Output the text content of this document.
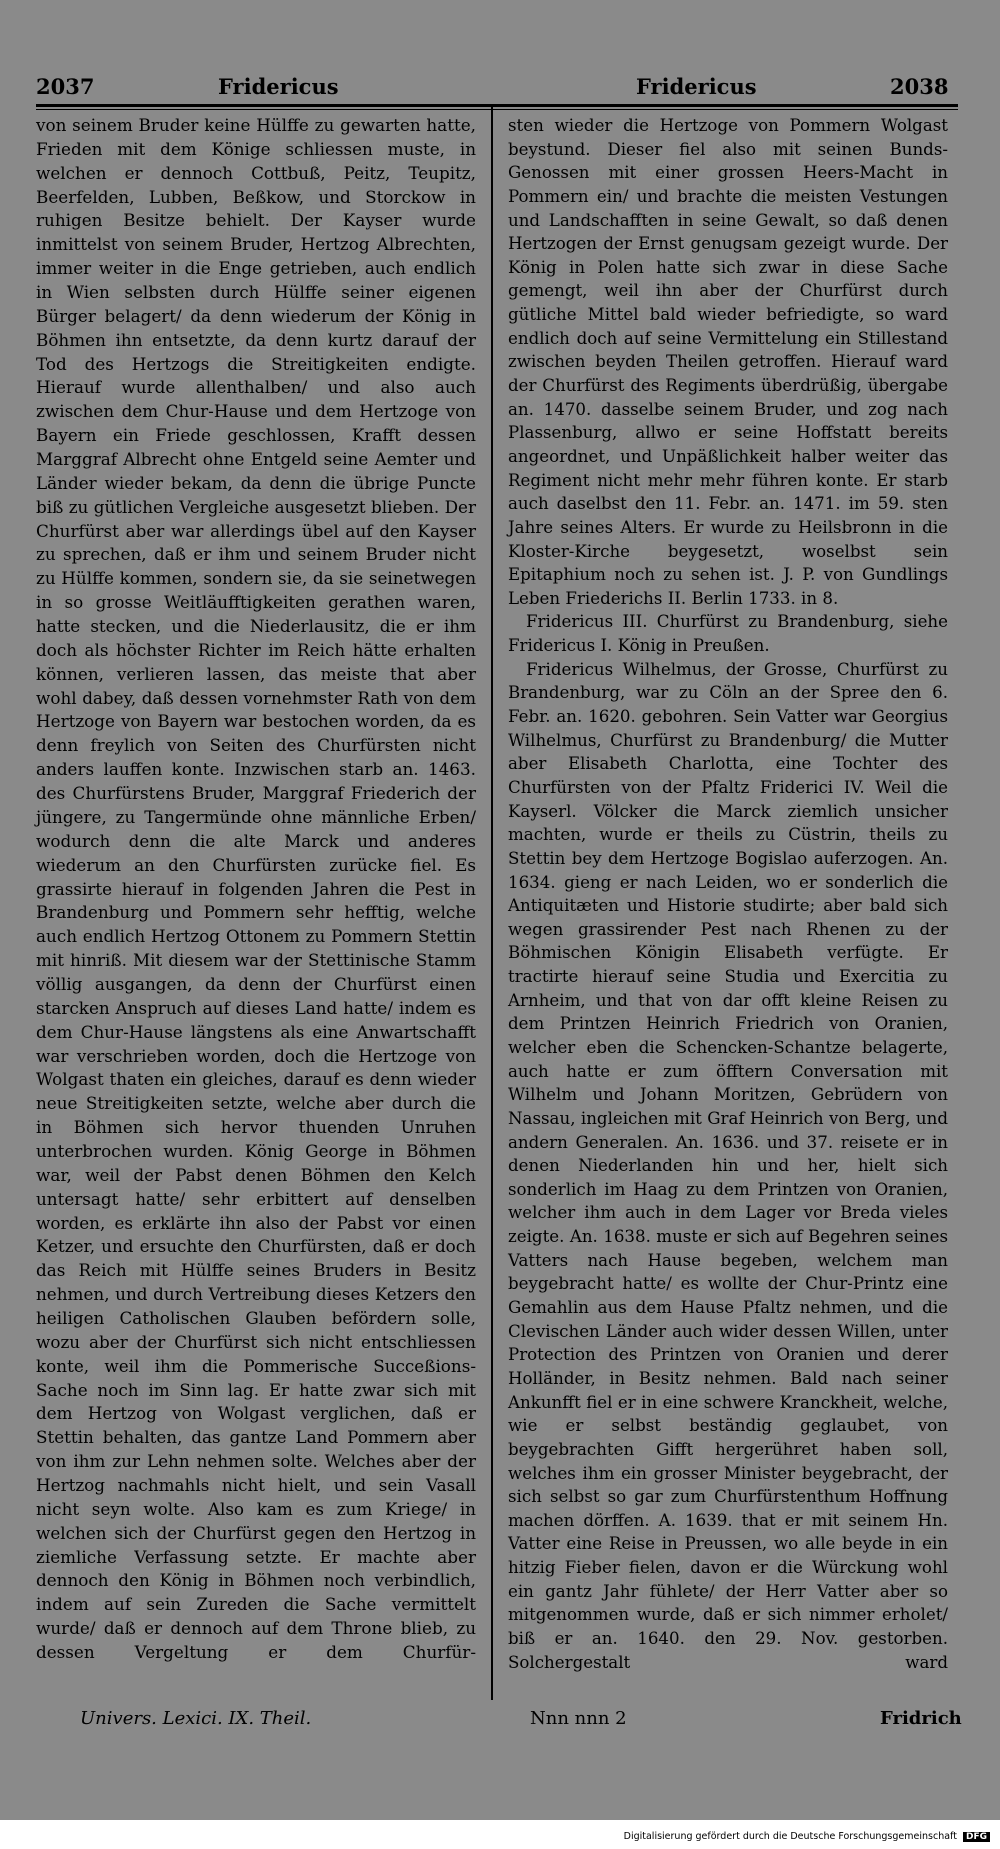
2037	Fridericus	Fridericus	2038

von seinem Bruder keine Hülffe zu gewarten hatte, Frieden mit dem Könige schliessen muste, in welchen er dennoch Cottbuß, Peitz, Teupitz, Beerfelden, Lubben, Beßkow, und Storckow in ruhigen Besitze behielt. Der Kayser wurde inmittelst von seinem Bruder, Hertzog Albrechten, immer weiter in die Enge getrieben, auch endlich in Wien selbsten durch Hülffe seiner eigenen Bürger belagert/ da denn wiederum der König in Böhmen ihn entsetzte, da denn kurtz darauf der Tod des Hertzogs die Streitigkeiten endigte. Hierauf wurde allenthalben/ und also auch zwischen dem Chur-Hause und dem Hertzoge von Bayern ein Friede geschlossen, Krafft dessen Marggraf Albrecht ohne Entgeld seine Aemter und Länder wieder bekam, da denn die übrige Puncte biß zu gütlichen Vergleiche ausgesetzt blieben. Der Churfürst aber war allerdings übel auf den Kayser zu sprechen, daß er ihm und seinem Bruder nicht zu Hülffe kommen, sondern sie, da sie seinetwegen in so grosse Weitläufftigkeiten gerathen waren, hatte stecken, und die Niederlausitz, die er ihm doch als höchster Richter im Reich hätte erhalten können, verlieren lassen, das meiste that aber wohl dabey, daß dessen vornehmster Rath von dem Hertzoge von Bayern war bestochen worden, da es denn freylich von Seiten des Churfürsten nicht anders lauffen konte. Inzwischen starb an. 1463. des Churfürstens Bruder, Marggraf Friederich der jüngere, zu Tangermünde ohne männliche Erben/ wodurch denn die alte Marck und anderes wiederum an den Churfürsten zurücke fiel. Es grassirte hierauf in folgenden Jahren die Pest in Brandenburg und Pommern sehr hefftig, welche auch endlich Hertzog Ottonem zu Pommern Stettin mit hinriß. Mit diesem war der Stettinische Stamm völlig ausgangen, da denn der Churfürst einen starcken Anspruch auf dieses Land hatte/ indem es dem Chur-Hause längstens als eine Anwartschafft war verschrieben worden, doch die Hertzoge von Wolgast thaten ein gleiches, darauf es denn wieder neue Streitigkeiten setzte, welche aber durch die in Böhmen sich hervor thuenden Unruhen unterbrochen wurden. König George in Böhmen war, weil der Pabst denen Böhmen den Kelch untersagt hatte/ sehr erbittert auf denselben worden, es erklärte ihn also der Pabst vor einen Ketzer, und ersuchte den Churfürsten, daß er doch das Reich mit Hülffe seines Bruders in Besitz nehmen, und durch Vertreibung dieses Ketzers den heiligen Catholischen Glauben befördern solle, wozu aber der Churfürst sich nicht entschliessen konte, weil ihm die Pommerische Succeßions-Sache noch im Sinn lag. Er hatte zwar sich mit dem Hertzog von Wolgast verglichen, daß er Stettin behalten, das gantze Land Pommern aber von ihm zur Lehn nehmen solte. Welches aber der Hertzog nachmahls nicht hielt, und sein Vasall nicht seyn wolte. Also kam es zum Kriege/ in welchen sich der Churfürst gegen den Hertzog in ziemliche Verfassung setzte. Er machte aber dennoch den König in Böhmen noch verbindlich, indem auf sein Zureden die Sache vermittelt wurde/ daß er dennoch auf dem Throne blieb, zu dessen Vergeltung er dem Churfür-

sten wieder die Hertzoge von Pommern Wolgast beystund. Dieser fiel also mit seinen Bunds-Genossen mit einer grossen Heers-Macht in Pommern ein/ und brachte die meisten Vestungen und Landschafften in seine Gewalt, so daß denen Hertzogen der Ernst genugsam gezeigt wurde. Der König in Polen hatte sich zwar in diese Sache gemengt, weil ihn aber der Churfürst durch gütliche Mittel bald wieder befriedigte, so ward endlich doch auf seine Vermittelung ein Stillestand zwischen beyden Theilen getroffen. Hierauf ward der Churfürst des Regiments überdrüßig, übergabe an. 1470. dasselbe seinem Bruder, und zog nach Plassenburg, allwo er seine Hoffstatt bereits angeordnet, und Unpäßlichkeit halber weiter das Regiment nicht mehr mehr führen konte. Er starb auch daselbst den 11. Febr. an. 1471. im 59. sten Jahre seines Alters. Er wurde zu Heilsbronn in die Kloster-Kirche beygesetzt, woselbst sein Epitaphium noch zu sehen ist. J. P. von Gundlings Leben Friederichs II. Berlin 1733. in 8.

Fridericus III. Churfürst zu Brandenburg, siehe Fridericus I. König in Preußen.

Fridericus Wilhelmus, der Grosse, Churfürst zu Brandenburg, war zu Cöln an der Spree den 6. Febr. an. 1620. gebohren. Sein Vatter war Georgius Wilhelmus, Churfürst zu Brandenburg/ die Mutter aber Elisabeth Charlotta, eine Tochter des Churfürsten von der Pfaltz Friderici IV. Weil die Kayserl. Völcker die Marck ziemlich unsicher machten, wurde er theils zu Cüstrin, theils zu Stettin bey dem Hertzoge Bogislao auferzogen. An. 1634. gieng er nach Leiden, wo er sonderlich die Antiquitæten und Historie studirte; aber bald sich wegen grassirender Pest nach Rhenen zu der Böhmischen Königin Elisabeth verfügte. Er tractirte hierauf seine Studia und Exercitia zu Arnheim, und that von dar offt kleine Reisen zu dem Printzen Heinrich Friedrich von Oranien, welcher eben die Schencken-Schantze belagerte, auch hatte er zum öfftern Conversation mit Wilhelm und Johann Moritzen, Gebrüdern von Nassau, ingleichen mit Graf Heinrich von Berg, und andern Generalen. An. 1636. und 37. reisete er in denen Niederlanden hin und her, hielt sich sonderlich im Haag zu dem Printzen von Oranien, welcher ihm auch in dem Lager vor Breda vieles zeigte. An. 1638. muste er sich auf Begehren seines Vatters nach Hause begeben, welchem man beygebracht hatte/ es wollte der Chur-Printz eine Gemahlin aus dem Hause Pfaltz nehmen, und die Clevischen Länder auch wider dessen Willen, unter Protection des Printzen von Oranien und derer Holländer, in Besitz nehmen. Bald nach seiner Ankunfft fiel er in eine schwere Kranckheit, welche, wie er selbst beständig geglaubet, von beygebrachten Gifft hergerühret haben soll, welches ihm ein grosser Minister beygebracht, der sich selbst so gar zum Churfürstenthum Hoffnung machen dörffen. A. 1639. that er mit seinem Hn. Vatter eine Reise in Preussen, wo alle beyde in ein hitzig Fieber fielen, davon er die Würckung wohl ein gantz Jahr fühlete/ der Herr Vatter aber so mitgenommen wurde, daß er sich nimmer erholet/ biß er an. 1640. den 29. Nov. gestorben. Solchergestalt ward

Univers. Lexici. IX. Theil.	Nnn nnn 2	Fridrich
Digitalisierung gefördert durch die Deutsche Forschungsgemeinschaft DFG
